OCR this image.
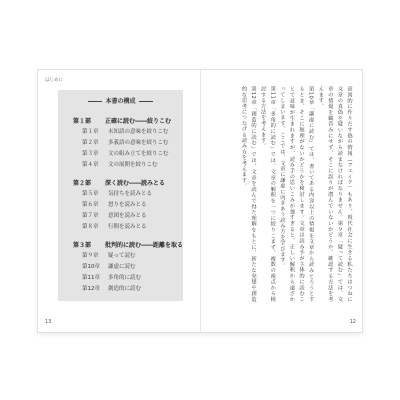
はじめに
本書の構成
第１部 正確に読む――絞りこむ
第１章 未知語の意味を絞りこむ
第２章 多義語の意味を絞りこむ
第３章 文の組み立てを絞りこむ
第４章 文の展開を絞りこむ
第２部 深く読む――読みとる
第５章 気持ちを読みとる
第６章 怒りを読みとる
第７章 意図を読みとる
第８章 行間を読みとる
第３部 批判的に読む――距離を取る
第９章 疑って読む
第10章 謙虚に読む
第11章 多角的に読む
第12章 創造的に読む
13
意図的に作りだす偽の情報（フェイク）もあり、現代社会に生きる私たちはつねに文章の真偽を疑いながら読まなければなりません。第９章「疑って読む」では、文章の情報を鵜呑みにせず、そこに誤りが潜んでいないかどうか、確認する方法を考えます。
第10章「謙虚に読む」では、書いてある内容以上の情報を文章から読みとろうとするとき、そこに無理がないかどうかを検討します。文章は読み手が主体的に読むことで意味が生まれますが、読み手の思いこみが強すぎると、正しい解釈から遠ざかってしまいます。ここでは、文章に謙虚に向きあう読み方を学びます。
第11章「多角的に読む」では、文章の解釈を一つに絞りこまず、複数の視点から検討する方法を考えます。
第12章「創造的に読む」では、文章を読んで得た理解をもとに、新たな発想や創造的な思考につなげる読み方を考えます。
12
